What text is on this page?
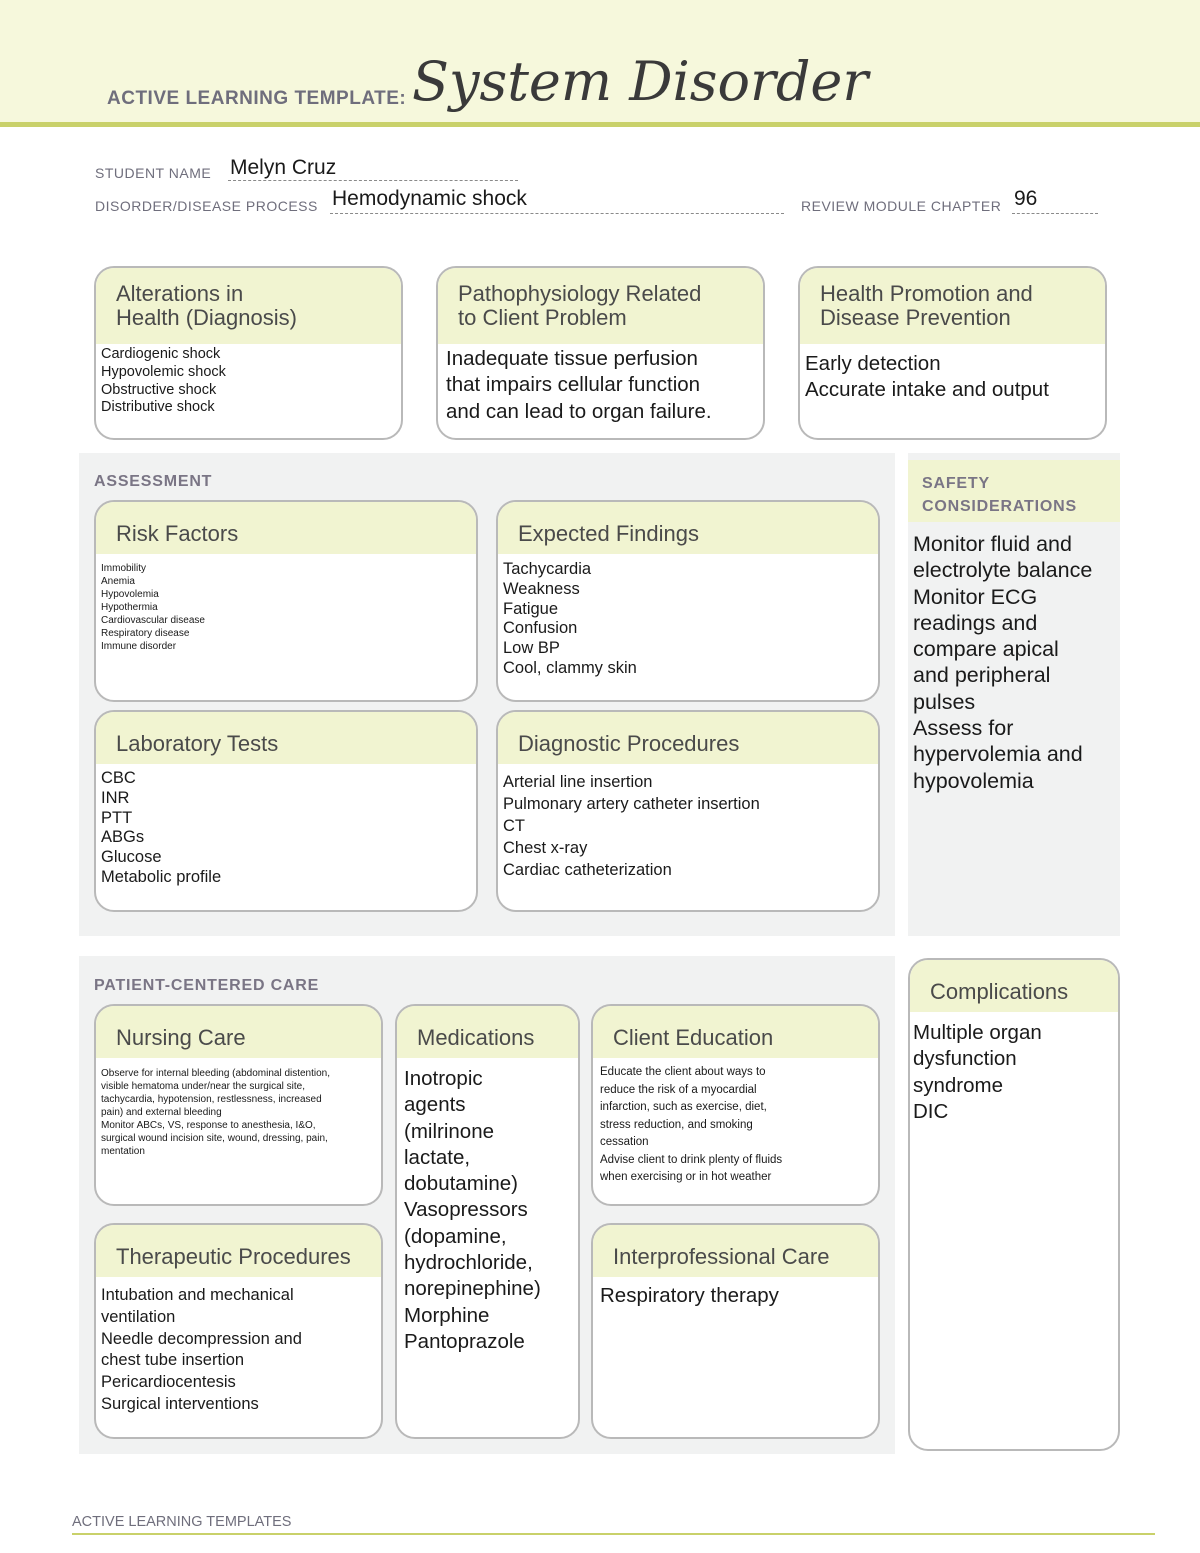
ACTIVE LEARNING TEMPLATE: System Disorder
STUDENT NAME Melyn Cruz
DISORDER/DISEASE PROCESS Hemodynamic shock	REVIEW MODULE CHAPTER 96
Alterations in
Health (Diagnosis)
Cardiogenic shock
Hypovolemic shock
Obstructive shock
Distributive shock
Pathophysiology Related
to Client Problem
Inadequate tissue perfusion
that impairs cellular function
and can lead to organ failure.
Health Promotion and
Disease Prevention
Early detection
Accurate intake and output
ASSESSMENT
Risk Factors
Immobility
Anemia
Hypovolemia
Hypothermia
Cardiovascular disease
Respiratory disease
Immune disorder
Expected Findings
Tachycardia
Weakness
Fatigue
Confusion
Low BP
Cool, clammy skin
Laboratory Tests
CBC
INR
PTT
ABGs
Glucose
Metabolic profile
Diagnostic Procedures
Arterial line insertion
Pulmonary artery catheter insertion
CT
Chest x-ray
Cardiac catheterization
SAFETY
CONSIDERATIONS
Monitor fluid and
electrolyte balance
Monitor ECG
readings and
compare apical
and peripheral
pulses
Assess for
hypervolemia and
hypovolemia
PATIENT-CENTERED CARE
Nursing Care
Observe for internal bleeding (abdominal distention,
visible hematoma under/near the surgical site,
tachycardia, hypotension, restlessness, increased
pain) and external bleeding
Monitor ABCs, VS, response to anesthesia, I&O,
surgical wound incision site, wound, dressing, pain,
mentation
Medications
Inotropic
agents
(milrinone
lactate,
dobutamine)
Vasopressors
(dopamine,
hydrochloride,
norepinephine)
Morphine
Pantoprazole
Client Education
Educate the client about ways to
reduce the risk of a myocardial
infarction, such as exercise, diet,
stress reduction, and smoking
cessation
Advise client to drink plenty of fluids
when exercising or in hot weather
Therapeutic Procedures
Intubation and mechanical
ventilation
Needle decompression and
chest tube insertion
Pericardiocentesis
Surgical interventions
Interprofessional Care
Respiratory therapy
Complications
Multiple organ
dysfunction
syndrome
DIC
ACTIVE LEARNING TEMPLATES
